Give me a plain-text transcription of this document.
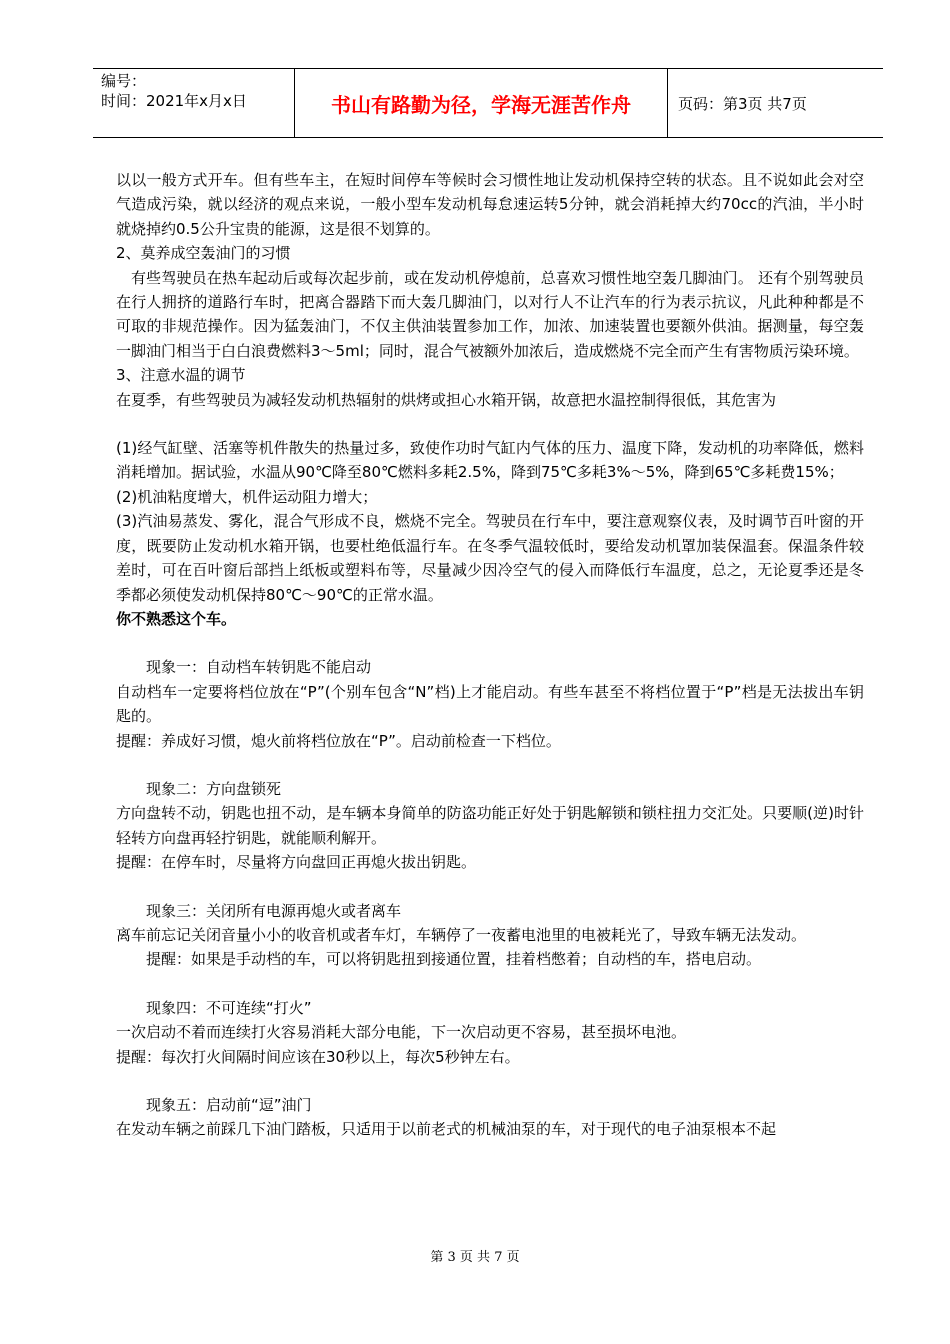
编号：
时间：2021年x月x日	书山有路勤为径，学海无涯苦作舟	页码：第3页 共7页

以以一般方式开车。但有些车主，在短时间停车等候时会习惯性地让发动机保持空转的状态。且不说如此会对空气造成污染，就以经济的观点来说，一般小型车发动机每怠速运转5分钟，就会消耗掉大约70cc的汽油，半小时就烧掉约0.5公升宝贵的能源，这是很不划算的。

2、莫养成空轰油门的习惯

有些驾驶员在热车起动后或每次起步前，或在发动机停熄前，总喜欢习惯性地空轰几脚油门。 还有个别驾驶员在行人拥挤的道路行车时，把离合器踏下而大轰几脚油门，以对行人不让汽车的行为表示抗议，凡此种种都是不可取的非规范操作。因为猛轰油门，不仅主供油装置参加工作，加浓、加速装置也要额外供油。据测量，每空轰一脚油门相当于白白浪费燃料3～5ml；同时，混合气被额外加浓后，造成燃烧不完全而产生有害物质污染环境。

3、注意水温的调节

在夏季，有些驾驶员为减轻发动机热辐射的烘烤或担心水箱开锅，故意把水温控制得很低，其危害为

(1)经气缸壁、活塞等机件散失的热量过多，致使作功时气缸内气体的压力、温度下降，发动机的功率降低，燃料消耗增加。据试验，水温从90℃降至80℃燃料多耗2.5%，降到75℃多耗3%～5%，降到65℃多耗费15%；

(2)机油粘度增大，机件运动阻力增大；

(3)汽油易蒸发、雾化，混合气形成不良，燃烧不完全。驾驶员在行车中，要注意观察仪表，及时调节百叶窗的开度，既要防止发动机水箱开锅，也要杜绝低温行车。在冬季气温较低时，要给发动机罩加装保温套。保温条件较差时，可在百叶窗后部挡上纸板或塑料布等，尽量减少因冷空气的侵入而降低行车温度，总之，无论夏季还是冬季都必须使发动机保持80℃～90℃的正常水温。

你不熟悉这个车。

现象一：自动档车转钥匙不能启动

自动档车一定要将档位放在“P”(个别车包含“N”档)上才能启动。有些车甚至不将档位置于“P”档是无法拔出车钥匙的。

提醒：养成好习惯，熄火前将档位放在“P”。启动前检查一下档位。

现象二：方向盘锁死

方向盘转不动，钥匙也扭不动，是车辆本身简单的防盗功能正好处于钥匙解锁和锁柱扭力交汇处。只要顺(逆)时针轻转方向盘再轻拧钥匙，就能顺利解开。

提醒：在停车时，尽量将方向盘回正再熄火拔出钥匙。

现象三：关闭所有电源再熄火或者离车

离车前忘记关闭音量小小的收音机或者车灯，车辆停了一夜蓄电池里的电被耗光了，导致车辆无法发动。

提醒：如果是手动档的车，可以将钥匙扭到接通位置，挂着档憋着；自动档的车，搭电启动。

现象四：不可连续“打火”

一次启动不着而连续打火容易消耗大部分电能，下一次启动更不容易，甚至损坏电池。

提醒：每次打火间隔时间应该在30秒以上，每次5秒钟左右。

现象五：启动前“逗”油门

在发动车辆之前踩几下油门踏板，只适用于以前老式的机械油泵的车，对于现代的电子油泵根本不起

第 3 页 共 7 页
